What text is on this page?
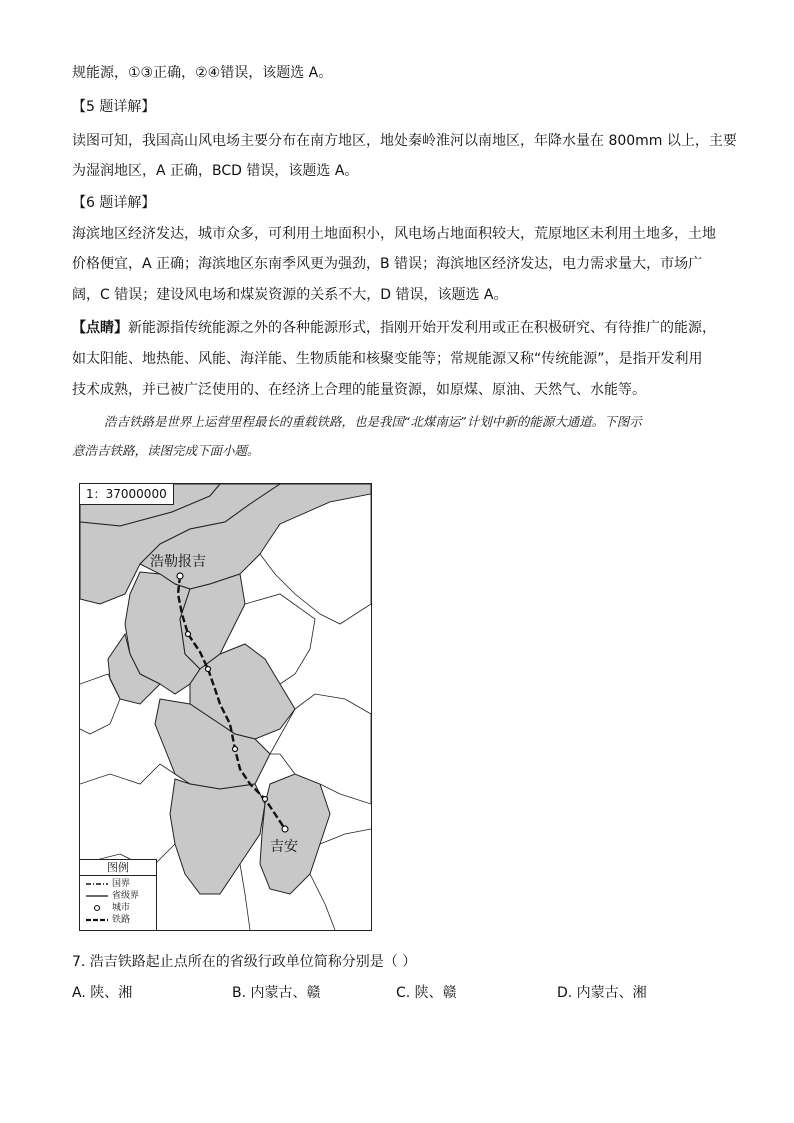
规能源，①③正确，②④错误，该题选 A。
【5 题详解】
读图可知，我国高山风电场主要分布在南方地区，地处秦岭淮河以南地区，年降水量在 800mm 以上，主要
为湿润地区，A 正确，BCD 错误，该题选 A。
【6 题详解】
海滨地区经济发达，城市众多，可利用土地面积小，风电场占地面积较大，荒原地区未利用土地多，土地
价格便宜，A 正确；海滨地区东南季风更为强劲，B 错误；海滨地区经济发达，电力需求量大，市场广
阔，C 错误；建设风电场和煤炭资源的关系不大，D 错误，该题选 A。
【点睛】新能源指传统能源之外的各种能源形式，指刚开始开发利用或正在积极研究、有待推广的能源，
如太阳能、地热能、风能、海洋能、生物质能和核聚变能等；常规能源又称“传统能源”，是指开发利用
技术成熟，并已被广泛使用的、在经济上合理的能量资源，如原煤、原油、天然气、水能等。
浩吉铁路是世界上运营里程最长的重载铁路，也是我国“北煤南运”计划中新的能源大通道。下图示
意浩吉铁路，读图完成下面小题。
1：37000000
浩勒报吉
吉安
图例
国界
省级界
城市
铁路
7. 浩吉铁路起止点所在的省级行政单位简称分别是（ ）
A. 陕、湘	B. 内蒙古、赣	C. 陕、赣	D. 内蒙古、湘
